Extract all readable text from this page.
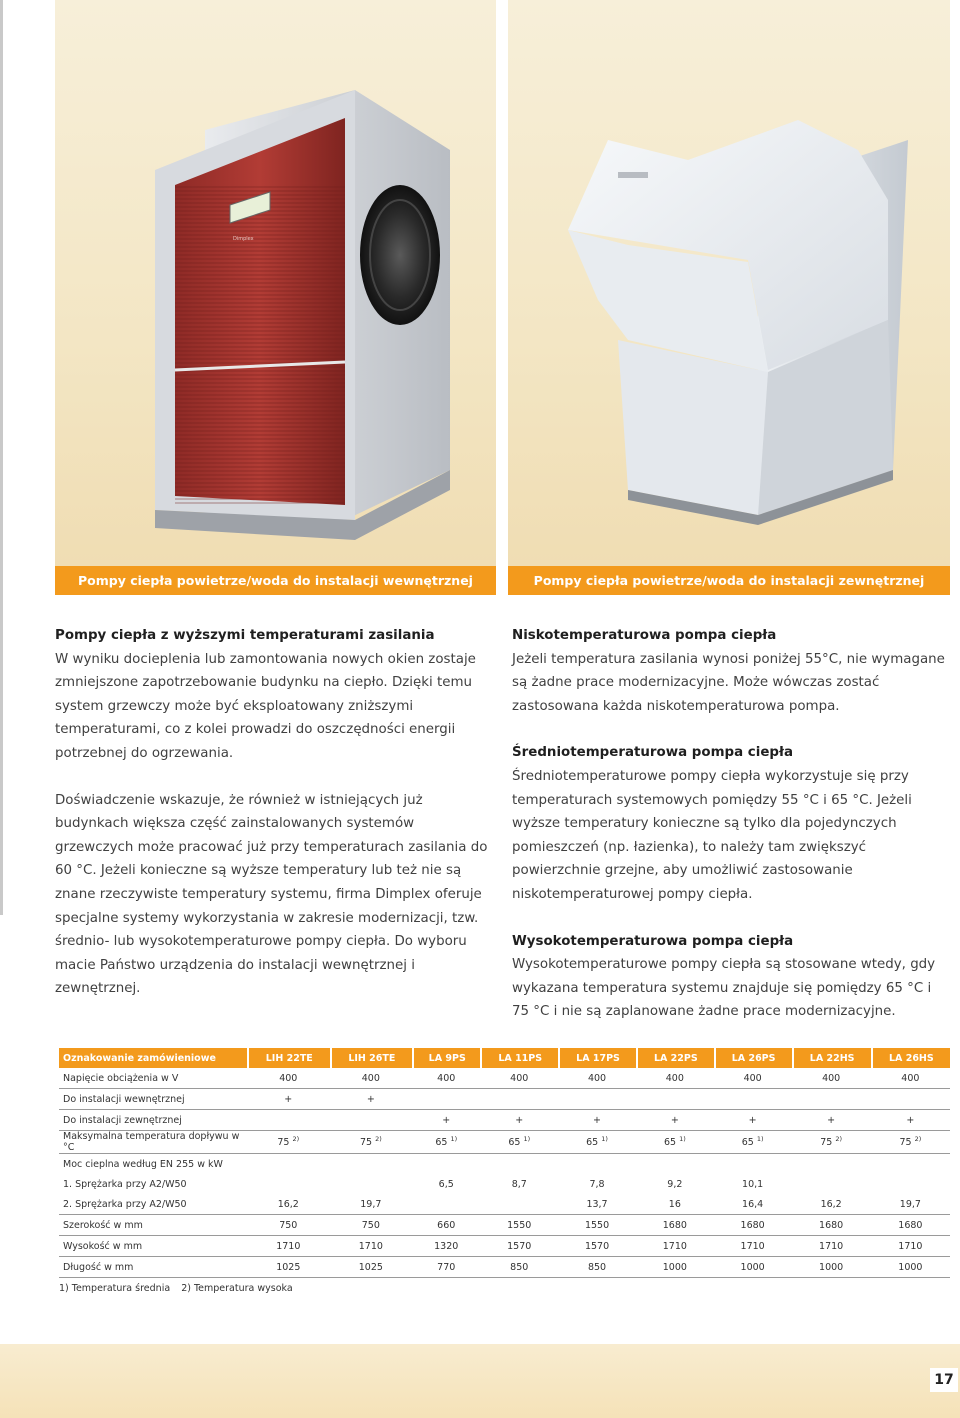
Dimplex
Pompy ciepła powietrze/woda do instalacji wewnętrznej	Pompy ciepła powietrze/woda do instalacji zewnętrznej
Pompy ciepła z wyższymi temperaturami zasilania

W wyniku docieplenia lub zamontowania nowych okien zostaje zmniejszone zapotrzebowanie budynku na ciepło. Dzięki temu system grzewczy może być eksploatowany zniższymi temperaturami, co z kolei prowadzi do oszczędności energii potrzebnej do ogrzewania.

Doświadczenie wskazuje, że również w istniejących już budynkach większa część zainstalowanych systemów grzewczych może pracować już przy temperaturach zasilania do 60 °C. Jeżeli konieczne są wyższe temperatury lub też nie są znane rzeczywiste temperatury systemu, firma Dimplex oferuje specjalne systemy wykorzystania w zakresie modernizacji, tzw. średnio- lub wysokotemperaturowe pompy ciepła. Do wyboru macie Państwo urządzenia do instalacji wewnętrznej i zewnętrznej.

Niskotemperaturowa pompa ciepła

Jeżeli temperatura zasilania wynosi poniżej 55°C, nie wymagane są żadne prace modernizacyjne. Może wówczas zostać zastosowana każda niskotemperaturowa pompa.

Średniotemperaturowa pompa ciepła

Średniotemperaturowe pompy ciepła wykorzystuje się przy temperaturach systemowych pomiędzy 55 °C i 65 °C. Jeżeli wyższe temperatury konieczne są tylko dla pojedynczych pomieszczeń (np. łazienka), to należy tam zwiększyć powierzchnie grzejne, aby umożliwić zastosowanie niskotemperaturowej pompy ciepła.

Wysokotemperaturowa pompa ciepła

Wysokotemperaturowe pompy ciepła są stosowane wtedy, gdy wykazana temperatura systemu znajduje się pomiędzy 65 °C i 75 °C i nie są zaplanowane żadne prace modernizacyjne.

Oznakowanie zamówieniowe	LIH 22TE	LIH 26TE	LA 9PS	LA 11PS	LA 17PS	LA 22PS	LA 26PS	LA 22HS	LA 26HS
Napięcie obciążenia w V	400	400	400	400	400	400	400	400	400
Do instalacji wewnętrznej	+	+							
Do instalacji zewnętrznej			+	+	+	+	+	+	+
Maksymalna temperatura dopływu w °C	75 $^{2)}$	75 $^{2)}$	65 $^{1)}$	65 $^{1)}$	65 $^{1)}$	65 $^{1)}$	65 $^{1)}$	75 $^{2)}$	75 $^{2)}$
Moc cieplna według EN 255 w kW									
1. Sprężarka przy A2/W50			6,5	8,7	7,8	9,2	10,1		
2. Sprężarka przy A2/W50	16,2	19,7			13,7	16	16,4	16,2	19,7
Szerokość w mm	750	750	660	1550	1550	1680	1680	1680	1680
Wysokość w mm	1710	1710	1320	1570	1570	1710	1710	1710	1710
Długość w mm	1025	1025	770	850	850	1000	1000	1000	1000
1) Temperatura średnia 2) Temperatura wysoka
17
